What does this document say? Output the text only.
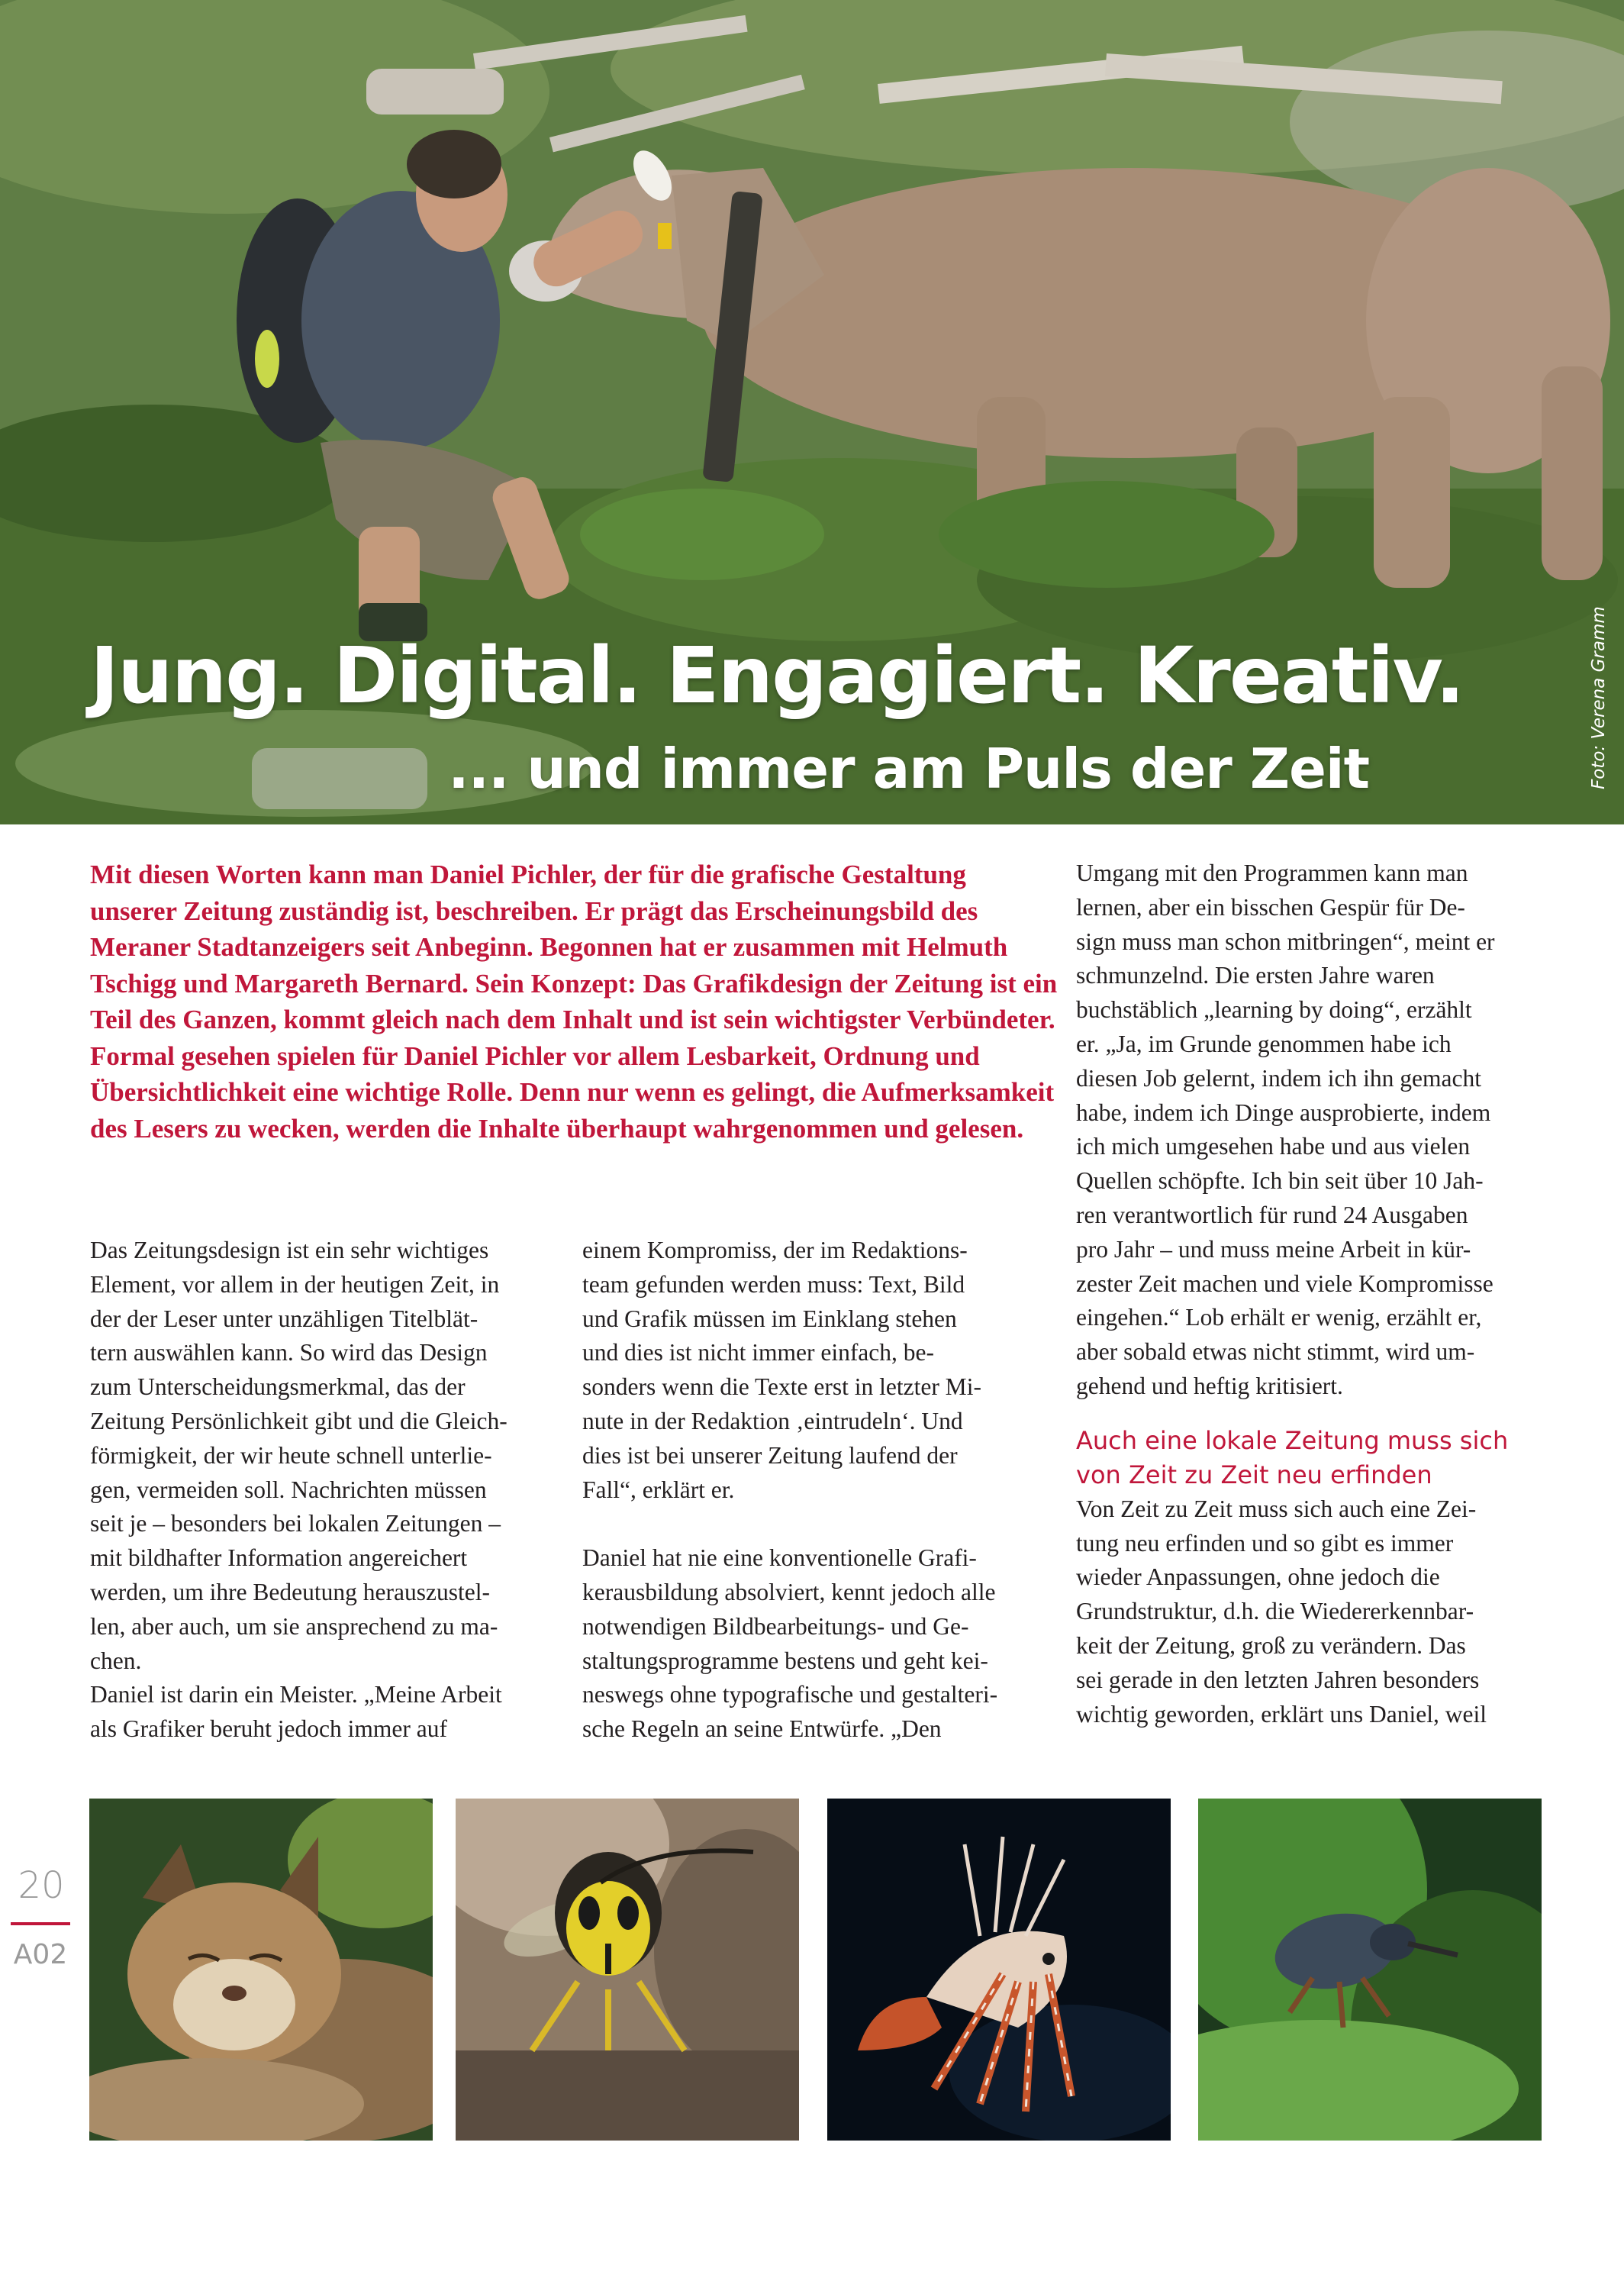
Jung. Digital. Engagiert. Kreativ.
... und immer am Puls der Zeit	Foto: Verena Gramm

Mit diesen Worten kann man Daniel Pichler, der für die grafische Gestaltung unserer Zeitung zuständig ist, beschreiben. Er prägt das Erscheinungsbild des Meraner Stadtanzeigers seit Anbeginn. Begonnen hat er zusammen mit Helmuth Tschigg und Margareth Bernard. Sein Konzept: Das Grafikdesign der Zeitung ist ein Teil des Ganzen, kommt gleich nach dem Inhalt und ist sein wichtigster Verbündeter. Formal gesehen spielen für Daniel Pichler vor allem Lesbarkeit, Ordnung und Übersichtlichkeit eine wichtige Rolle. Denn nur wenn es gelingt, die Aufmerksamkeit des Lesers zu wecken, werden die Inhalte überhaupt wahrgenommen und gelesen.

Das Zeitungsdesign ist ein sehr wichtiges

Element, vor allem in der heutigen Zeit, in

der der Leser unter unzähligen Titelblät-

tern auswählen kann. So wird das Design

zum Unterscheidungsmerkmal, das der

Zeitung Persönlichkeit gibt und die Gleich-

förmigkeit, der wir heute schnell unterlie-

gen, vermeiden soll. Nachrichten müssen

seit je – besonders bei lokalen Zeitungen –

mit bildhafter Information angereichert

werden, um ihre Bedeutung herauszustel-

len, aber auch, um sie ansprechend zu ma-

chen.

Daniel ist darin ein Meister. „Meine Arbeit

als Grafiker beruht jedoch immer auf

einem Kompromiss, der im Redaktions-

team gefunden werden muss: Text, Bild

und Grafik müssen im Einklang stehen

und dies ist nicht immer einfach, be-

sonders wenn die Texte erst in letzter Mi-

nute in der Redaktion ‚eintrudeln‘. Und

dies ist bei unserer Zeitung laufend der

Fall“, erklärt er.

Daniel hat nie eine konventionelle Grafi-

kerausbildung absolviert, kennt jedoch alle

notwendigen Bildbearbeitungs- und Ge-

staltungsprogramme bestens und geht kei-

neswegs ohne typografische und gestalteri-

sche Regeln an seine Entwürfe. „Den

Umgang mit den Programmen kann man

lernen, aber ein bisschen Gespür für De-

sign muss man schon mitbringen“, meint er

schmunzelnd. Die ersten Jahre waren

buchstäblich „learning by doing“, erzählt

er. „Ja, im Grunde genommen habe ich

diesen Job gelernt, indem ich ihn gemacht

habe, indem ich Dinge ausprobierte, indem

ich mich umgesehen habe und aus vielen

Quellen schöpfte. Ich bin seit über 10 Jah-

ren verantwortlich für rund 24 Ausgaben

pro Jahr – und muss meine Arbeit in kür-

zester Zeit machen und viele Kompromisse

eingehen.“ Lob erhält er wenig, erzählt er,

aber sobald etwas nicht stimmt, wird um-

gehend und heftig kritisiert.

Auch eine lokale Zeitung muss sich

von Zeit zu Zeit neu erfinden

Von Zeit zu Zeit muss sich auch eine Zei-

tung neu erfinden und so gibt es immer

wieder Anpassungen, ohne jedoch die

Grundstruktur, d.h. die Wiedererkennbar-

keit der Zeitung, groß zu verändern. Das

sei gerade in den letzten Jahren besonders

wichtig geworden, erklärt uns Daniel, weil

20
A02
